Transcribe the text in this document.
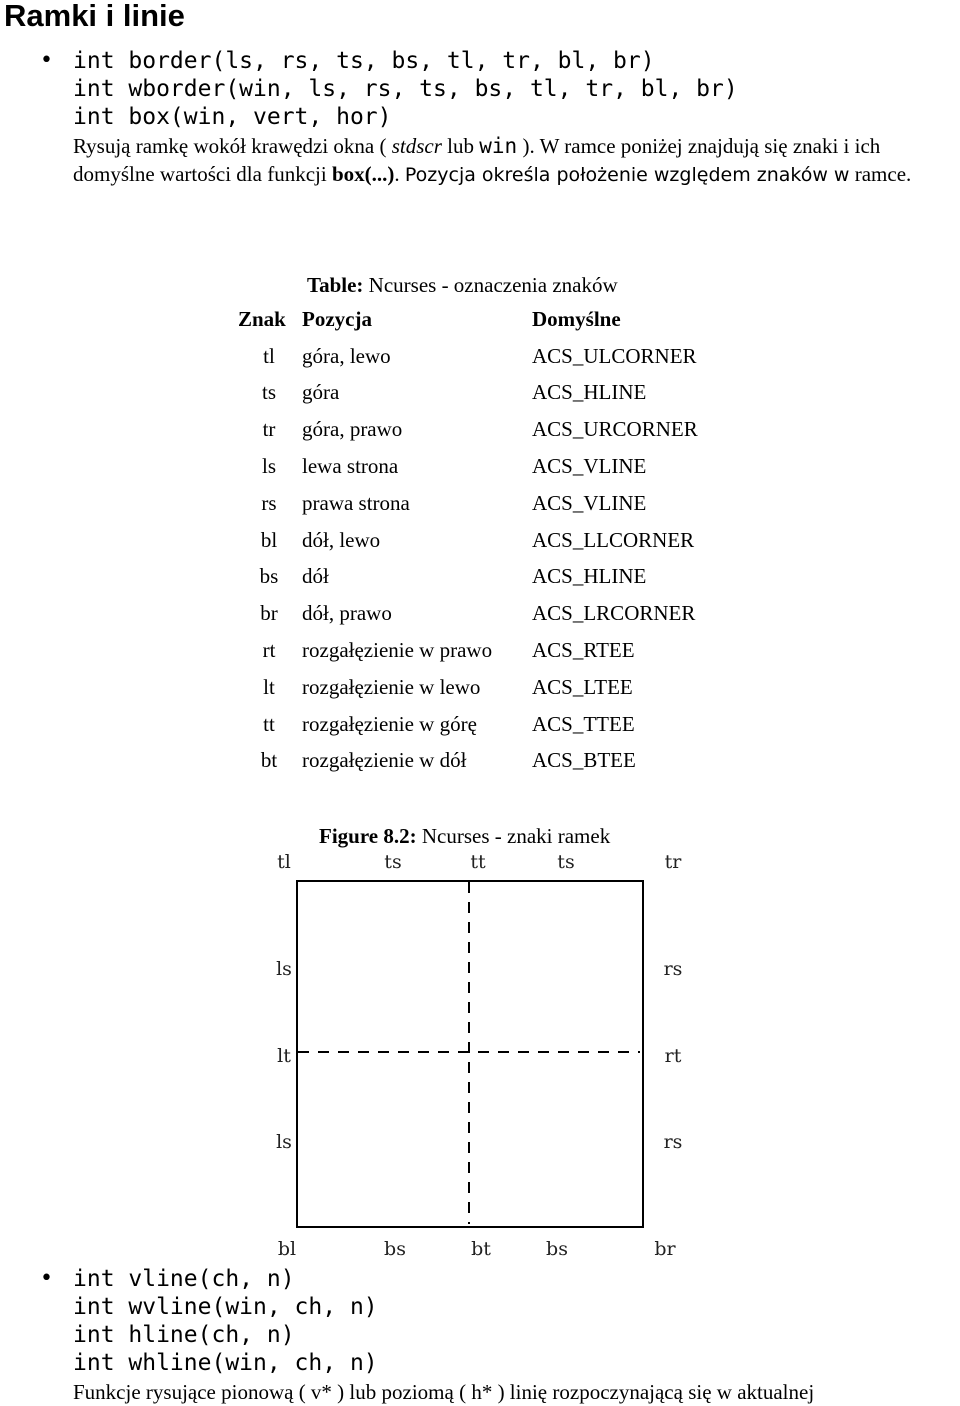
Ramki i linie
• int border(ls, rs, ts, bs, tl, tr, bl, br)
int wborder(win, ls, rs, ts, bs, tl, tr, bl, br)
int box(win, vert, hor)
Rysują ramkę wokół krawędzi okna ( stdscr lub win ). W ramce poniżej znajdują się znaki i ich domyślne wartości dla funkcji box(...). Pozycja określa położenie względem znaków w ramce.
Table: Ncurses - oznaczenia znaków
Znak	Pozycja	Domyślne
tl	góra, lewo	ACS_ULCORNER
ts	góra	ACS_HLINE
tr	góra, prawo	ACS_URCORNER
ls	lewa strona	ACS_VLINE
rs	prawa strona	ACS_VLINE
bl	dół, lewo	ACS_LLCORNER
bs	dół	ACS_HLINE
br	dół, prawo	ACS_LRCORNER
rt	rozgałęzienie w prawo	ACS_RTEE
lt	rozgałęzienie w lewo	ACS_LTEE
tt	rozgałęzienie w górę	ACS_TTEE
bt	rozgałęzienie w dół	ACS_BTEE
Figure 8.2: Ncurses - znaki ramek
tl	ts	tt	ts	tr
ls	rs
lt	rt
ls	rs
bl	bs	bt	bs	br
• int vline(ch, n)
int wvline(win, ch, n)
int hline(ch, n)
int whline(win, ch, n)
Funkcje rysujące pionową ( v* ) lub poziomą ( h* ) linię rozpoczynającą się w aktualnej
